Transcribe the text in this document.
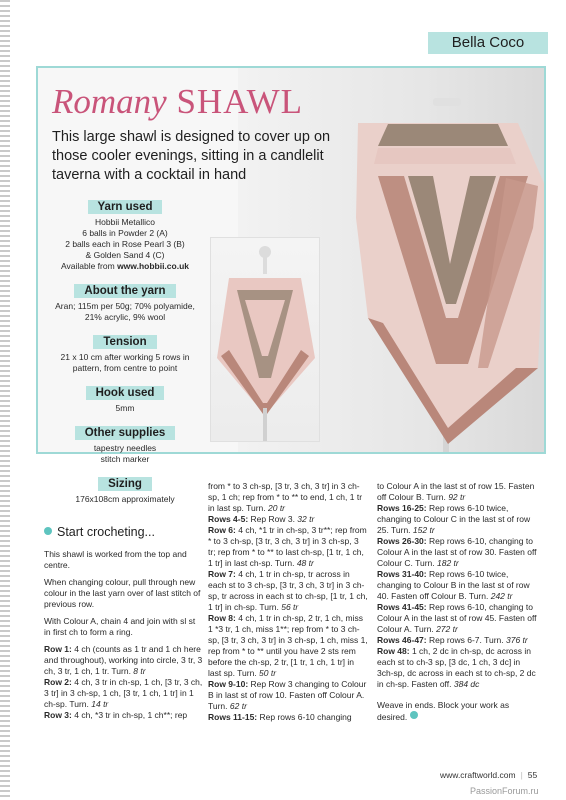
Bella Coco
Romany SHAWL
This large shawl is designed to cover up on those cooler evenings, sitting in a candlelit taverna with a cocktail in hand
Yarn used
Hobbii Metallico
6 balls in Powder 2 (A)
2 balls each in Rose Pearl 3 (B)
& Golden Sand 4 (C)
Available from www.hobbii.co.uk
About the yarn
Aran; 115m per 50g; 70% polyamide,
21% acrylic, 9% wool
Tension
21 x 10 cm after working 5 rows in
pattern, from centre to point
Hook used
5mm
Other supplies
tapestry needles
stitch marker
Sizing
176x108cm approximately
Start crocheting...

This shawl is worked from the top and centre.

When changing colour, pull through new colour in the last yarn over of last stitch of previous row.

With Colour A, chain 4 and join with sl st in first ch to form a ring.

Row 1: 4 ch (counts as 1 tr and 1 ch here and throughout), working into circle, 3 tr, 3 ch, 3 tr, 1 ch, 1 tr. Turn. 8 tr

Row 2: 4 ch, 3 tr in ch-sp, 1 ch, [3 tr, 3 ch, 3 tr] in 3 ch-sp, 1 ch, [3 tr, 1 ch, 1 tr] in 1 ch-sp. Turn. 14 tr

Row 3: 4 ch, *3 tr in ch-sp, 1 ch**; rep

from * to 3 ch-sp, [3 tr, 3 ch, 3 tr] in 3 ch-sp, 1 ch; rep from * to ** to end, 1 ch, 1 tr in last sp. Turn. 20 tr

Rows 4-5: Rep Row 3. 32 tr

Row 6: 4 ch, *1 tr in ch-sp, 3 tr**; rep from * to 3 ch-sp, [3 tr, 3 ch, 3 tr] in 3 ch-sp, 3 tr; rep from * to ** to last ch-sp, [1 tr, 1 ch, 1 tr] in last ch-sp. Turn. 48 tr

Row 7: 4 ch, 1 tr in ch-sp, tr across in each st to 3 ch-sp, [3 tr, 3 ch, 3 tr] in 3 ch-sp, tr across in each st to ch-sp, [1 tr, 1 ch, 1 tr] in ch-sp. Turn. 56 tr

Row 8: 4 ch, 1 tr in ch-sp, 2 tr, 1 ch, miss 1 *3 tr, 1 ch, miss 1**; rep from * to 3 ch-sp, [3 tr, 3 ch, 3 tr] in 3 ch-sp, 1 ch, miss 1, rep from * to ** until you have 2 sts rem before the ch-sp, 2 tr, [1 tr, 1 ch, 1 tr] in last sp. Turn. 50 tr

Row 9-10: Rep Row 3 changing to Colour B in last st of row 10. Fasten off Colour A. Turn. 62 tr

Rows 11-15: Rep rows 6-10 changing

to Colour A in the last st of row 15. Fasten off Colour B. Turn. 92 tr

Rows 16-25: Rep rows 6-10 twice, changing to Colour C in the last st of row 25. Turn. 152 tr

Rows 26-30: Rep rows 6-10, changing to Colour A in the last st of row 30. Fasten off Colour C. Turn. 182 tr

Rows 31-40: Rep rows 6-10 twice, changing to Colour B in the last st of row 40. Fasten off Colour B. Turn. 242 tr

Rows 41-45: Rep rows 6-10, changing to Colour A in the last st of row 45. Fasten off Colour A. Turn. 272 tr

Rows 46-47: Rep rows 6-7. Turn. 376 tr

Row 48: 1 ch, 2 dc in ch-sp, dc across in each st to ch-3 sp, [3 dc, 1 ch, 3 dc] in 3ch-sp, dc across in each st to ch-sp, 2 dc in ch-sp. Fasten off. 384 dc

Weave in ends. Block your work as desired.

www.craftworld.com | 55
PassionForum.ru
